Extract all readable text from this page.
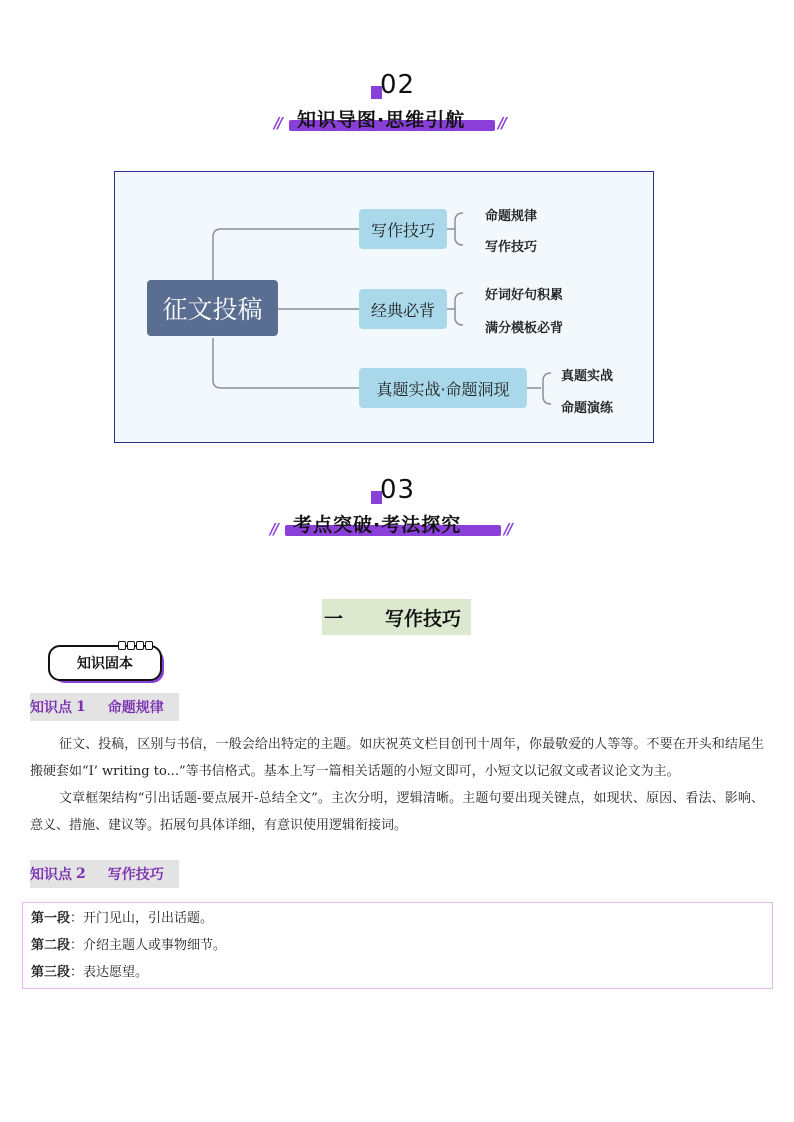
02
// 知识导图·思维引航 //
征文投稿
写作技巧
命题规律
写作技巧
经典必背
好词好句积累
满分模板必背
真题实战·命题洞现
真题实战
命题演练
03
// 考点突破·考法探究	//
一 写作技巧
知识固本
知识点 1 命题规律
征文、投稿，区别与书信，一般会给出特定的主题。如庆祝英文栏目创刊十周年，你最敬爱的人等等。不要在开头和结尾生搬硬套如“I’ writing to...”等书信格式。基本上写一篇相关话题的小短文即可，小短文以记叙文或者议论文为主。
文章框架结构“引出话题-要点展开-总结全文”。主次分明，逻辑清晰。主题句要出现关键点，如现状、原因、看法、影响、意义、措施、建议等。拓展句具体详细，有意识使用逻辑衔接词。
知识点 2 写作技巧
第一段：开门见山，引出话题。
第二段：介绍主题人或事物细节。
第三段：表达愿望。
